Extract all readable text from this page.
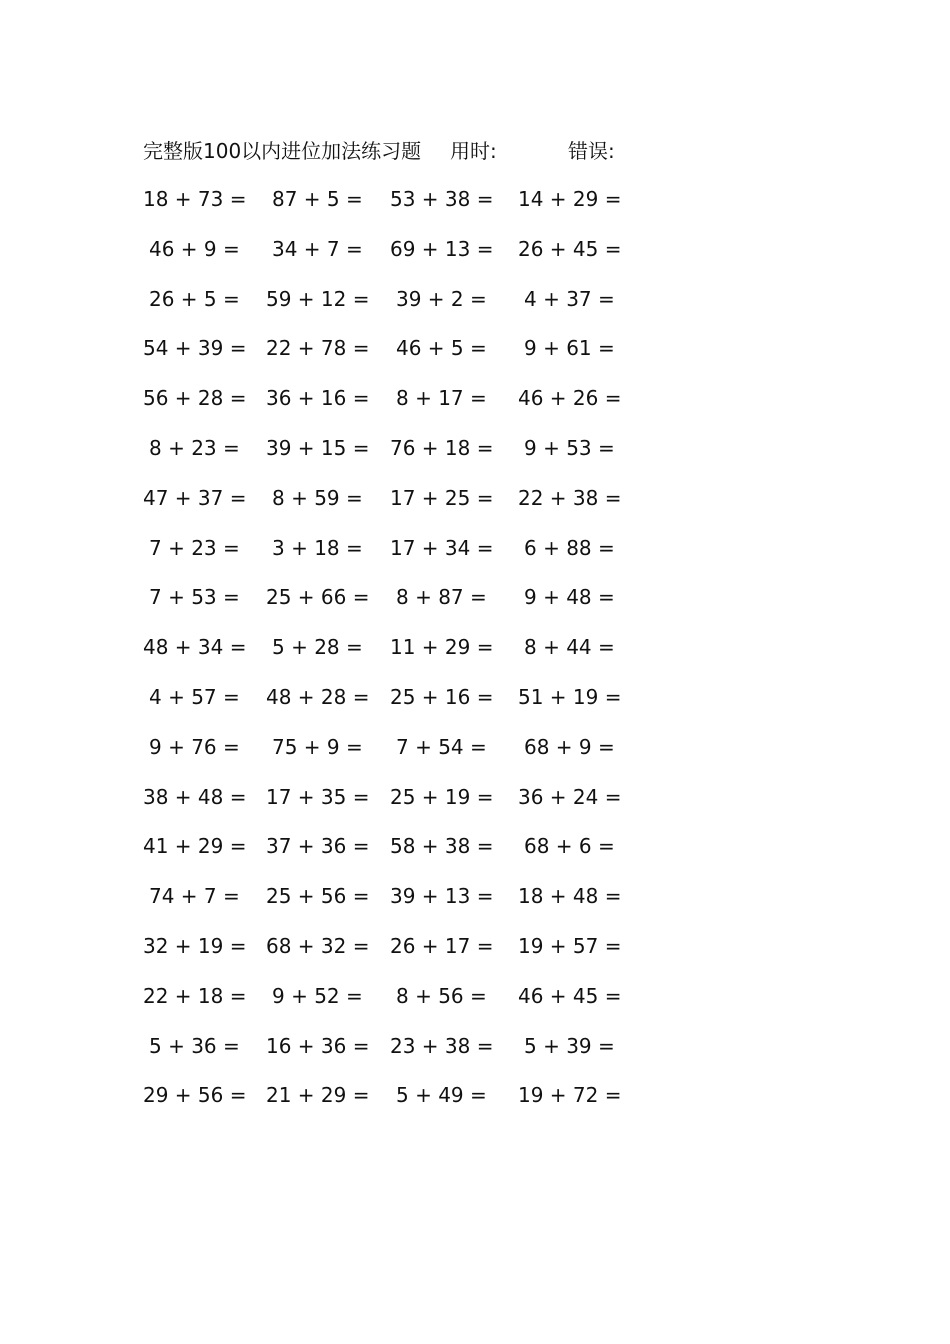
完整版100以内进位加法练习题 用时:	错误:
18 + 73 = 87 + 5 = 53 + 38 = 14 + 29 =
46 + 9 = 34 + 7 = 69 + 13 = 26 + 45 =
26 + 5 = 59 + 12 = 39 + 2 = 4 + 37 =
54 + 39 = 22 + 78 = 46 + 5 = 9 + 61 =
56 + 28 = 36 + 16 = 8 + 17 = 46 + 26 =
8 + 23 = 39 + 15 = 76 + 18 = 9 + 53 =
47 + 37 = 8 + 59 = 17 + 25 = 22 + 38 =
7 + 23 = 3 + 18 = 17 + 34 = 6 + 88 =
7 + 53 = 25 + 66 = 8 + 87 = 9 + 48 =
48 + 34 = 5 + 28 = 11 + 29 = 8 + 44 =
4 + 57 = 48 + 28 = 25 + 16 = 51 + 19 =
9 + 76 = 75 + 9 = 7 + 54 = 68 + 9 =
38 + 48 = 17 + 35 = 25 + 19 = 36 + 24 =
41 + 29 = 37 + 36 = 58 + 38 = 68 + 6 =
74 + 7 = 25 + 56 = 39 + 13 = 18 + 48 =
32 + 19 = 68 + 32 = 26 + 17 = 19 + 57 =
22 + 18 = 9 + 52 = 8 + 56 = 46 + 45 =
5 + 36 = 16 + 36 = 23 + 38 = 5 + 39 =
29 + 56 = 21 + 29 = 5 + 49 = 19 + 72 =
